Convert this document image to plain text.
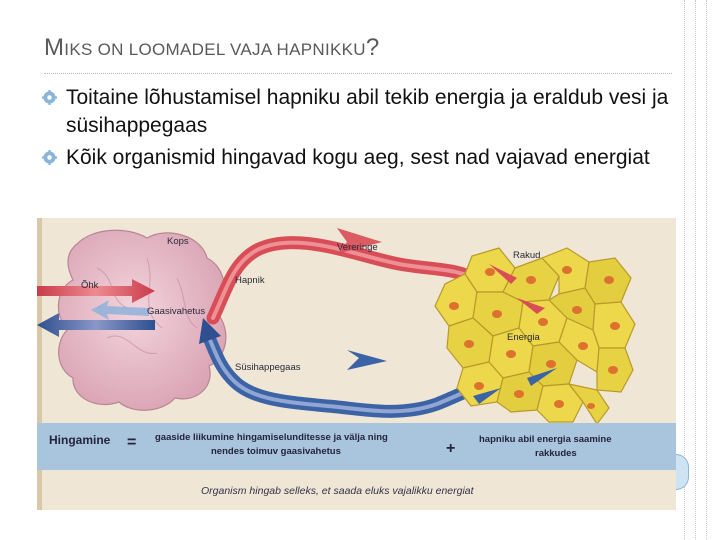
MIKS ON LOOMADEL VAJA HAPNIKKU?
Toitaine lõhustamisel hapniku abil tekib energia ja eraldub vesi ja süsihappegaas
Kõik organismid hingavad kogu aeg, sest nad vajavad energiat
Kops
Õhk
Gaasivahetus
Hapnik
Vereringe
Rakud
Energia
Süsihappegaas
Hingamine = gaaside liikumine hingamiselunditesse ja välja ning
nendes toimuv gaasivahetus	+
hapniku abil energia saamine
rakkudes
Organism hingab selleks, et saada eluks vajalikku energiat
